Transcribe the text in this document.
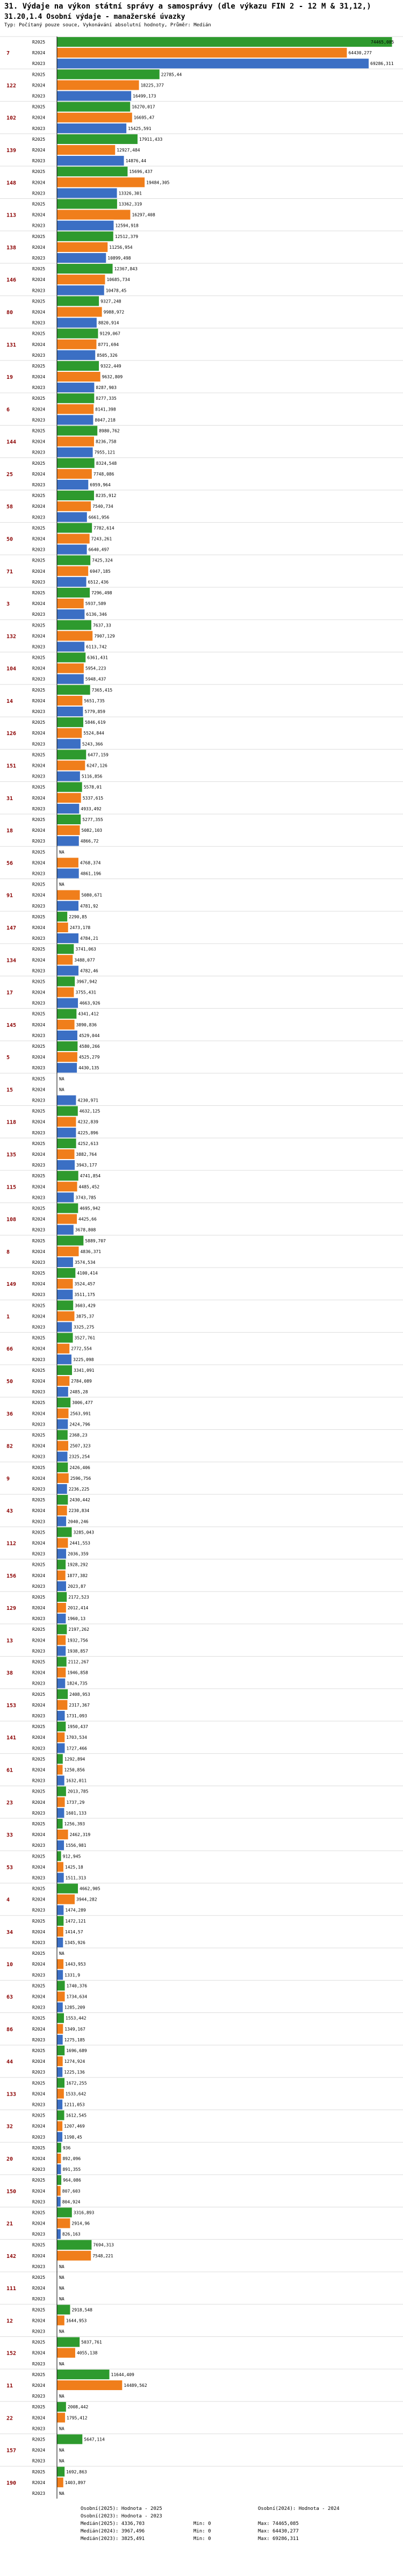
31. Výdaje na výkon státní správy a samosprávy (dle výkazu FIN 2 - 12 M & 31,12,)
31.20,1.4 Osobní výdaje - manažerské úvazky
Typ: Počítaný pouze souce, Vykonávání absolutní hodnoty, Průměr: Medián
7
R2025	74465,085
R2024	64430,277
R2023	69286,311
122
R2025	22785,44
R2024	18225,377
R2023	16499,173
102
R2025	16270,017
R2024	16695,47
R2023	15425,591
139
R2025	17911,433
R2024	12927,484
R2023	14876,44
148
R2025	15696,437
R2024	19484,305
R2023	13326,301
113
R2025	13362,319
R2024	16297,408
R2023	12594,918
138
R2025	12512,379
R2024	11256,954
R2023	10899,498
146
R2025	12367,843
R2024	10685,734
R2023	10478,45
80
R2025	9327,248
R2024	9988,972
R2023	8820,914
131
R2025	9129,067
R2024	8771,694
R2023	8505,326
19
R2025	9322,449
R2024	9632,809
R2023	8287,903
6
R2025	8277,335
R2024	8141,398
R2023	8047,218
144
R2025	8980,762
R2024	8236,758
R2023	7955,121
25
R2025	8324,548
R2024	7748,086
R2023	6959,964
58
R2025	8235,912
R2024	7540,734
R2023	6661,956
50
R2025	7782,614
R2024	7243,261
R2023	6640,497
71
R2025	7425,324
R2024	6947,185
R2023	6512,436
3
R2025	7296,498
R2024	5937,589
R2023	6136,346
132
R2025	7637,33
R2024	7907,129
R2023	6113,742
104
R2025	6361,431
R2024	5954,223
R2023	5948,437
14
R2025	7365,415
R2024	5651,735
R2023	5779,859
126
R2025	5846,619
R2024	5524,844
R2023	5243,366
151
R2025	6477,159
R2024	6247,126
R2023	5116,856
31
R2025	5578,01
R2024	5337,615
R2023	4933,492
18
R2025	5277,355
R2024	5082,103
R2023	4866,72
56
R2025	NA
R2024	4768,374
R2023	4861,196
91
R2025	NA
R2024	5080,671
R2023	4781,92
147
R2025	2290,85
R2024	2473,178
R2023	4784,21
134
R2025	3741,063
R2024	3488,077
R2023	4782,46
17
R2025	3967,942
R2024	3755,431
R2023	4663,926
145
R2025	4341,412
R2024	3890,836
R2023	4529,044
5
R2025	4580,266
R2024	4525,279
R2023	4430,135
15
R2025	NA
R2024	NA
R2023	4230,971
118
R2025	4632,125
R2024	4232,839
R2023	4225,896
135
R2025	4252,613
R2024	3882,764
R2023	3943,177
115
R2025	4741,854
R2024	4485,452
R2023	3743,785
108
R2025	4695,942
R2024	4425,66
R2023	3678,808
8
R2025	5889,707
R2024	4836,371
R2023	3574,534
149
R2025	4100,414
R2024	3524,457
R2023	3511,175
1
R2025	3603,429
R2024	3875,37
R2023	3325,275
66
R2025	3527,761
R2024	2772,554
R2023	3225,098
50
R2025	3341,091
R2024	2784,089
R2023	2485,28
36
R2025	3006,477
R2024	2563,991
R2023	2424,796
82
R2025	2368,23
R2024	2507,323
R2023	2325,254
9
R2025	2426,406
R2024	2596,756
R2023	2236,225
43
R2025	2430,442
R2024	2230,834
R2023	2040,246
112
R2025	3285,043
R2024	2441,553
R2023	2036,359
156
R2025	1928,292
R2024	1877,382
R2023	2023,87
129
R2025	2172,523
R2024	2012,414
R2023	1960,13
13
R2025	2197,262
R2024	1932,756
R2023	1938,857
38
R2025	2112,267
R2024	1946,858
R2023	1824,735
153
R2025	2408,953
R2024	2317,367
R2023	1731,093
141
R2025	1950,437
R2024	1703,534
R2023	1727,466
61
R2025	1292,894
R2024	1250,856
R2023	1632,011
23
R2025	2013,785
R2024	1737,29
R2023	1601,133
33
R2025	1256,393
R2024	2462,319
R2023	1556,981
53
R2025	912,945
R2024	1425,18
R2023	1511,313
4
R2025	4662,905
R2024	3944,282
R2023	1474,289
34
R2025	1472,121
R2024	1414,57
R2023	1345,926
10
R2025	NA
R2024	1443,953
R2023	1331,9
63
R2025	1740,376
R2024	1734,634
R2023	1285,209
86
R2025	1553,442
R2024	1349,167
R2023	1275,185
44
R2025	1696,689
R2024	1274,924
R2023	1225,136
133
R2025	1672,255
R2024	1533,642
R2023	1211,053
32
R2025	1612,545
R2024	1207,469
R2023	1198,45
20
R2025	936
R2024	892,096
R2023	891,355
150
R2025	964,086
R2024	807,603
R2023	804,924
21
R2025	3316,893
R2024	2914,96
R2023	826,163
142
R2025	7694,313
R2024	7548,221
R2023	NA
111
R2025	NA
R2024	NA
R2023	NA
12
R2025	2918,548
R2024	1644,953
R2023	NA
152
R2025	5037,761
R2024	4055,138
R2023	NA
11
R2025	11644,409
R2024	14489,562
R2023	NA
22
R2025	2008,442
R2024	1795,412
R2023	NA
157
R2025	5647,114
R2024	NA
R2023	NA
190
R2025	1692,863
R2024	1403,897
R2023	NA
Osobní(2025): Hodnota - 2025	Osobní(2024): Hodnota - 2024
Osobní(2023): Hodnota - 2023
Medián(2025): 4336,703	Min: 0	Max: 74465,085
Medián(2024): 3967,496	Min: 0	Max: 64430,277
Medián(2023): 3825,491	Min: 0	Max: 69286,311
